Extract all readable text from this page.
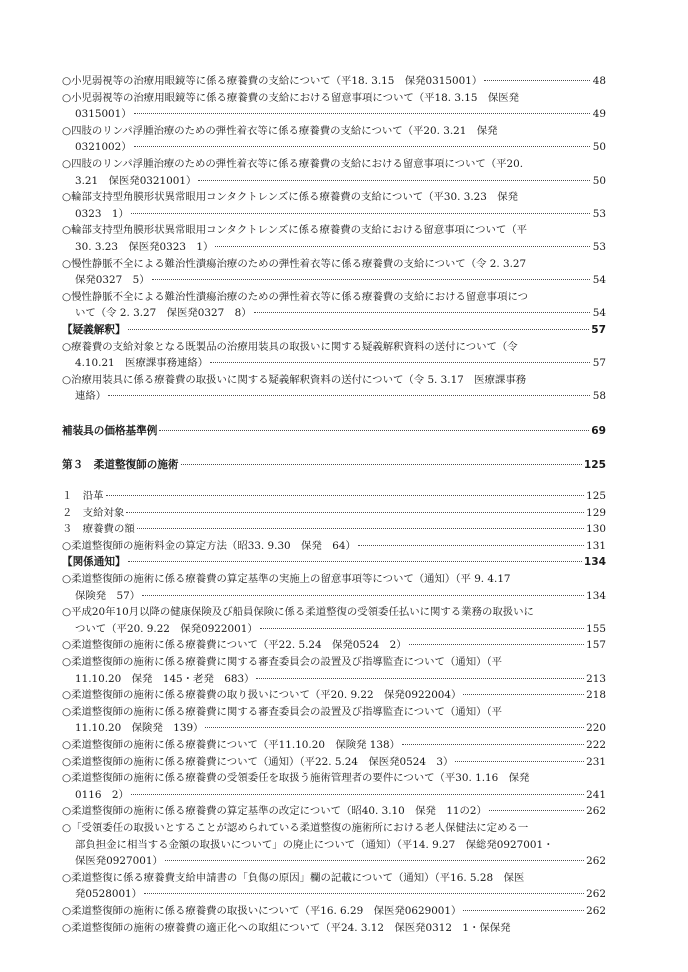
○小児弱視等の治療用眼鏡等に係る療養費の支給について（平18. 3.15　保発0315001）	48
○小児弱視等の治療用眼鏡等に係る療養費の支給における留意事項について（平18. 3.15　保医発
0315001）	49
○四肢のリンパ浮腫治療のための弾性着衣等に係る療養費の支給について（平20. 3.21　保発
0321002）	50
○四肢のリンパ浮腫治療のための弾性着衣等に係る療養費の支給における留意事項について（平20.
3.21　保医発0321001）	50
○輪部支持型角膜形状異常眼用コンタクトレンズに係る療養費の支給について（平30. 3.23　保発
0323　1）	53
○輪部支持型角膜形状異常眼用コンタクトレンズに係る療養費の支給における留意事項について（平
30. 3.23　保医発0323　1）	53
○慢性静脈不全による難治性潰瘍治療のための弾性着衣等に係る療養費の支給について（令 2. 3.27
保発0327　5）	54
○慢性静脈不全による難治性潰瘍治療のための弾性着衣等に係る療養費の支給における留意事項につ
いて（令 2. 3.27　保医発0327　8）	54
【疑義解釈】	57
○療養費の支給対象となる既製品の治療用装具の取扱いに関する疑義解釈資料の送付について（令
4.10.21　医療課事務連絡）	57
○治療用装具に係る療養費の取扱いに関する疑義解釈資料の送付について（令 5. 3.17　医療課事務
連絡）	58
補装具の価格基準例	69
第３　柔道整復師の施術	125
１　沿革	125
２　支給対象	129
３　療養費の額	130
○柔道整復師の施術料金の算定方法（昭33. 9.30　保発　64）	131
【関係通知】	134
○柔道整復師の施術に係る療養費の算定基準の実施上の留意事項等について（通知）（平 9. 4.17
保険発　57）	134
○平成20年10月以降の健康保険及び船員保険に係る柔道整復の受領委任払いに関する業務の取扱いに
ついて（平20. 9.22　保発0922001）	155
○柔道整復師の施術に係る療養費について（平22. 5.24　保発0524　2）	157
○柔道整復師の施術に係る療養費に関する審査委員会の設置及び指導監査について（通知）（平
11.10.20　保発　145・老発　683）	213
○柔道整復師の施術に係る療養費の取り扱いについて（平20. 9.22　保発0922004）	218
○柔道整復師の施術に係る療養費に関する審査委員会の設置及び指導監査について（通知）（平
11.10.20　保険発　139）	220
○柔道整復師の施術に係る療養費について（平11.10.20　保険発 138）	222
○柔道整復師の施術に係る療養費について（通知）（平22. 5.24　保医発0524　3）	231
○柔道整復師の施術に係る療養費の受領委任を取扱う施術管理者の要件について（平30. 1.16　保発
0116　2）	241
○柔道整復師の施術に係る療養費の算定基準の改定について（昭40. 3.10　保発　11の2）	262
○「受領委任の取扱いとすることが認められている柔道整復の施術所における老人保健法に定める一
部負担金に相当する金額の取扱いについて」の廃止について（通知）（平14. 9.27　保総発0927001・
保医発0927001）	262
○柔道整復に係る療養費支給申請書の「負傷の原因」欄の記載について（通知）（平16. 5.28　保医
発0528001）	262
○柔道整復師の施術に係る療養費の取扱いについて（平16. 6.29　保医発0629001）	262
○柔道整復師の施術の療養費の適正化への取組について（平24. 3.12　保医発0312　1・保保発
